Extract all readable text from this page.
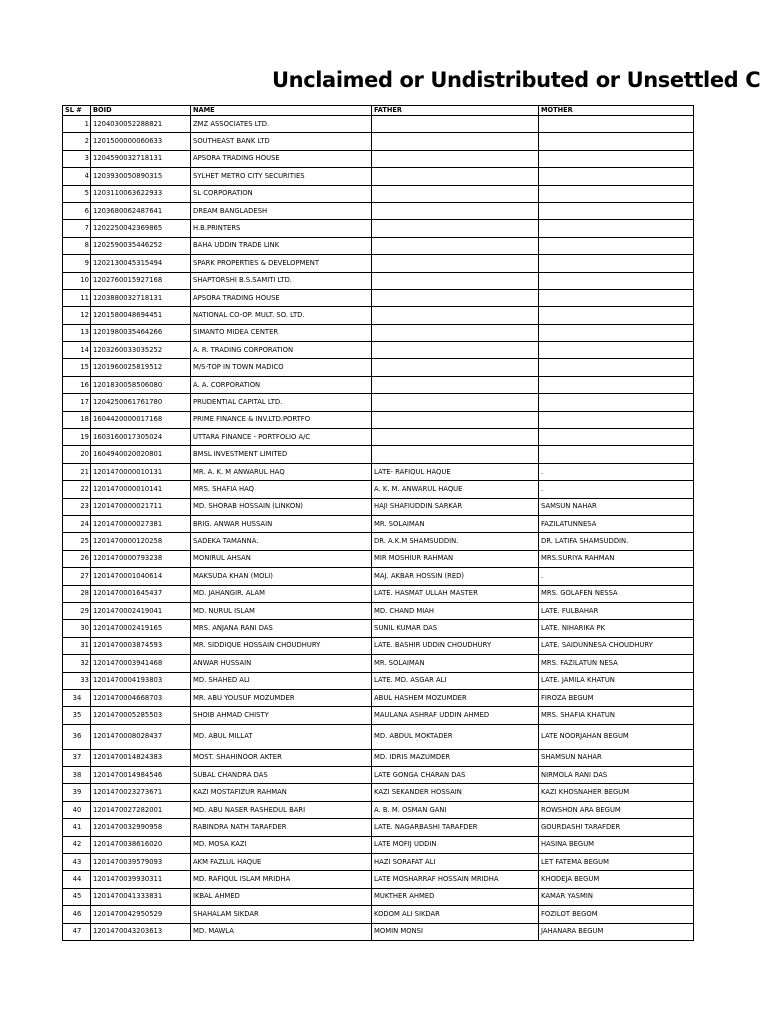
Unclaimed or Undistributed or Unsettled C
SL #	BOID	NAME	FATHER	MOTHER
1	1204030052288821	ZMZ ASSOCIATES LTD.		
2	1201500000060633	SOUTHEAST BANK LTD		
3	1204590032718131	APSORA TRADING HOUSE		
4	1203930050890315	SYLHET METRO CITY SECURITIES		
5	1203110063622933	SL CORPORATION		
6	1203680062487641	DREAM BANGLADESH		
7	1202250042369865	H.B.PRINTERS		
8	1202590035446252	BAHA UDDIN TRADE LINK		
9	1202130045315494	SPARK PROPERTIES & DEVELOPMENT		
10	1202760015927168	SHAPTORSHI B.S.SAMITI LTD.		
11	1203880032718131	APSORA TRADING HOUSE		
12	1201580048694451	NATIONAL CO-OP. MULT. SO. LTD.		
13	1201980035464266	SIMANTO MIDEA CENTER		
14	1203260033035252	A. R. TRADING CORPORATION		
15	1201960025819512	M/S-TOP IN TOWN MADICO		
16	1201830058506080	A. A. CORPORATION		
17	1204250061761780	PRUDENTIAL CAPITAL LTD.		
18	1604420000017168	PRIME FINANCE & INV.LTD.PORTFO		
19	1603160017305024	UTTARA FINANCE - PORTFOLIO A/C		
20	1604940020020801	BMSL INVESTMENT LIMITED		
21	1201470000010131	MR. A. K. M ANWARUL HAQ	LATE- RAFIQUL HAQUE	.
22	1201470000010141	MRS. SHAFIA HAQ	A. K. M. ANWARUL HAQUE	.
23	1201470000021711	MD. SHORAB HOSSAIN (LINKON)	HAJI SHAFIUDDIN SARKAR	SAMSUN NAHAR
24	1201470000027381	BRIG. ANWAR HUSSAIN	MR. SOLAIMAN	FAZILATUNNESA
25	1201470000120258	SADEKA TAMANNA.	DR. A.K.M SHAMSUDDIN.	DR. LATIFA SHAMSUDDIN.
26	1201470000793238	MONIRUL AHSAN	MIR MOSHIUR RAHMAN	MRS.SURIYA RAHMAN
27	1201470001040614	MAKSUDA KHAN (MOLI)	MAJ. AKBAR HOSSIN (RED)	.
28	1201470001645437	MD. JAHANGIR. ALAM	LATE. HASMAT ULLAH MASTER	MRS. GOLAFEN NESSA
29	1201470002419041	MD. NURUL ISLAM	MD. CHAND MIAH	LATE. FULBAHAR
30	1201470002419165	MRS. ANJANA RANI DAS	SUNIL KUMAR DAS	LATE. NIHARIKA PK
31	1201470003874593	MR. SIDDIQUE HOSSAIN CHOUDHURY	LATE. BASHIR UDDIN CHOUDHURY	LATE. SAIDUNNESA CHOUDHURY
32	1201470003941468	ANWAR HUSSAIN	MR. SOLAIMAN	MRS. FAZILATUN NESA
33	1201470004193803	MD. SHAHED ALI	LATE. MD. ASGAR ALI	LATE. JAMILA KHATUN
34	1201470004668703	MR. ABU YOUSUF MOZUMDER	ABUL HASHEM MOZUMDER	FIROZA BEGUM
35	1201470005285503	SHOIB AHMAD CHISTY	MAULANA ASHRAF UDDIN AHMED	MRS. SHAFIA KHATUN
36	1201470008028437	MD. ABUL MILLAT	MD. ABDUL MOKTADER	LATE NOORJAHAN BEGUM
37	1201470014824383	MOST. SHAHINOOR AKTER	MD. IDRIS MAZUMDER	SHAMSUN NAHAR
38	1201470014984546	SUBAL CHANDRA DAS	LATE GONGA CHARAN DAS	NIRMOLA RANI DAS
39	1201470023273671	KAZI MOSTAFIZUR RAHMAN	KAZI SEKANDER HOSSAIN	KAZI KHOSNAHER BEGUM
40	1201470027282001	MD. ABU NASER RASHEDUL BARI	A. B. M. OSMAN GANI	ROWSHON ARA BEGUM
41	1201470032990958	RABINDRA NATH TARAFDER	LATE. NAGARBASHI TARAFDER	GOURDASHI TARAFDER
42	1201470038616020	MD. MOSA KAZI	LATE MOFIJ UDDIN	HASINA BEGUM
43	1201470039579093	AKM FAZLUL HAQUE	HAZI SORAFAT ALI	LET FATEMA BEGUM
44	1201470039930311	MD. RAFIQUL ISLAM MRIDHA	LATE MOSHARRAF HOSSAIN MRIDHA	KHODEJA BEGUM
45	1201470041333831	IKBAL AHMED	MUKTHER AHMED	KAMAR YASMIN
46	1201470042950529	SHAHALAM SIKDAR	KODOM ALI SIKDAR	FOZILOT BEGOM
47	1201470043203613	MD. MAWLA	MOMIN MONSI	JAHANARA BEGUM
